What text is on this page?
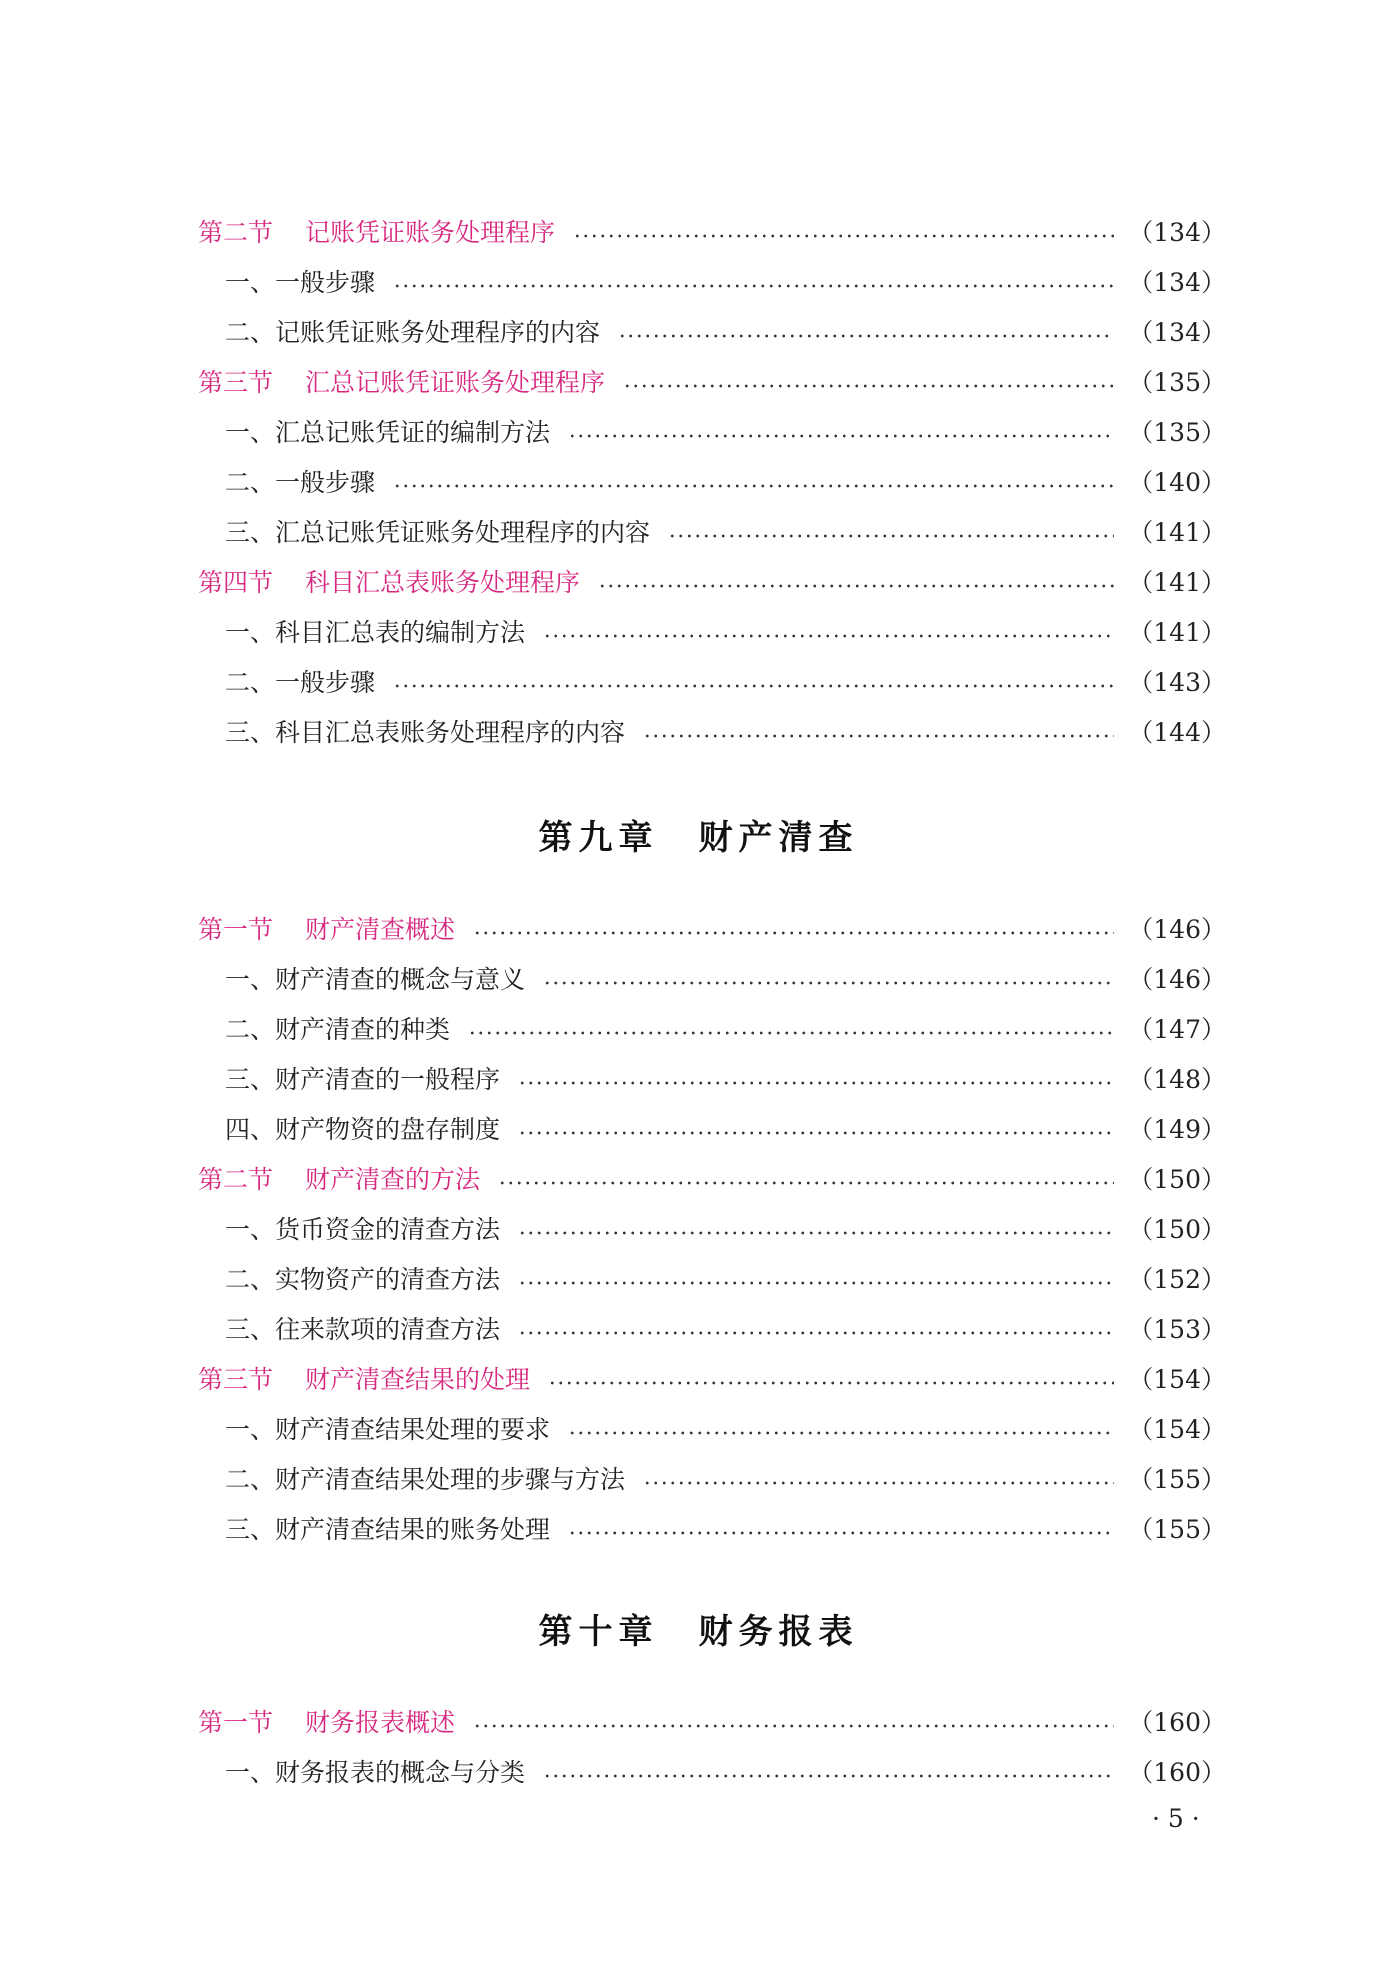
第二节 记账凭证账务处理程序	（134）
一、一般步骤	（134）
二、记账凭证账务处理程序的内容	（134）
第三节 汇总记账凭证账务处理程序	（135）
一、汇总记账凭证的编制方法	（135）
二、一般步骤	（140）
三、汇总记账凭证账务处理程序的内容	（141）
第四节 科目汇总表账务处理程序	（141）
一、科目汇总表的编制方法	（141）
二、一般步骤	（143）
三、科目汇总表账务处理程序的内容	（144）
第九章 财产清查
第一节 财产清查概述	（146）
一、财产清查的概念与意义	（146）
二、财产清查的种类	（147）
三、财产清查的一般程序	（148）
四、财产物资的盘存制度	（149）
第二节 财产清查的方法	（150）
一、货币资金的清查方法	（150）
二、实物资产的清查方法	（152）
三、往来款项的清查方法	（153）
第三节 财产清查结果的处理	（154）
一、财产清查结果处理的要求	（154）
二、财产清查结果处理的步骤与方法	（155）
三、财产清查结果的账务处理	（155）
第十章 财务报表
第一节 财务报表概述	（160）
一、财务报表的概念与分类	（160）
· 5 ·
